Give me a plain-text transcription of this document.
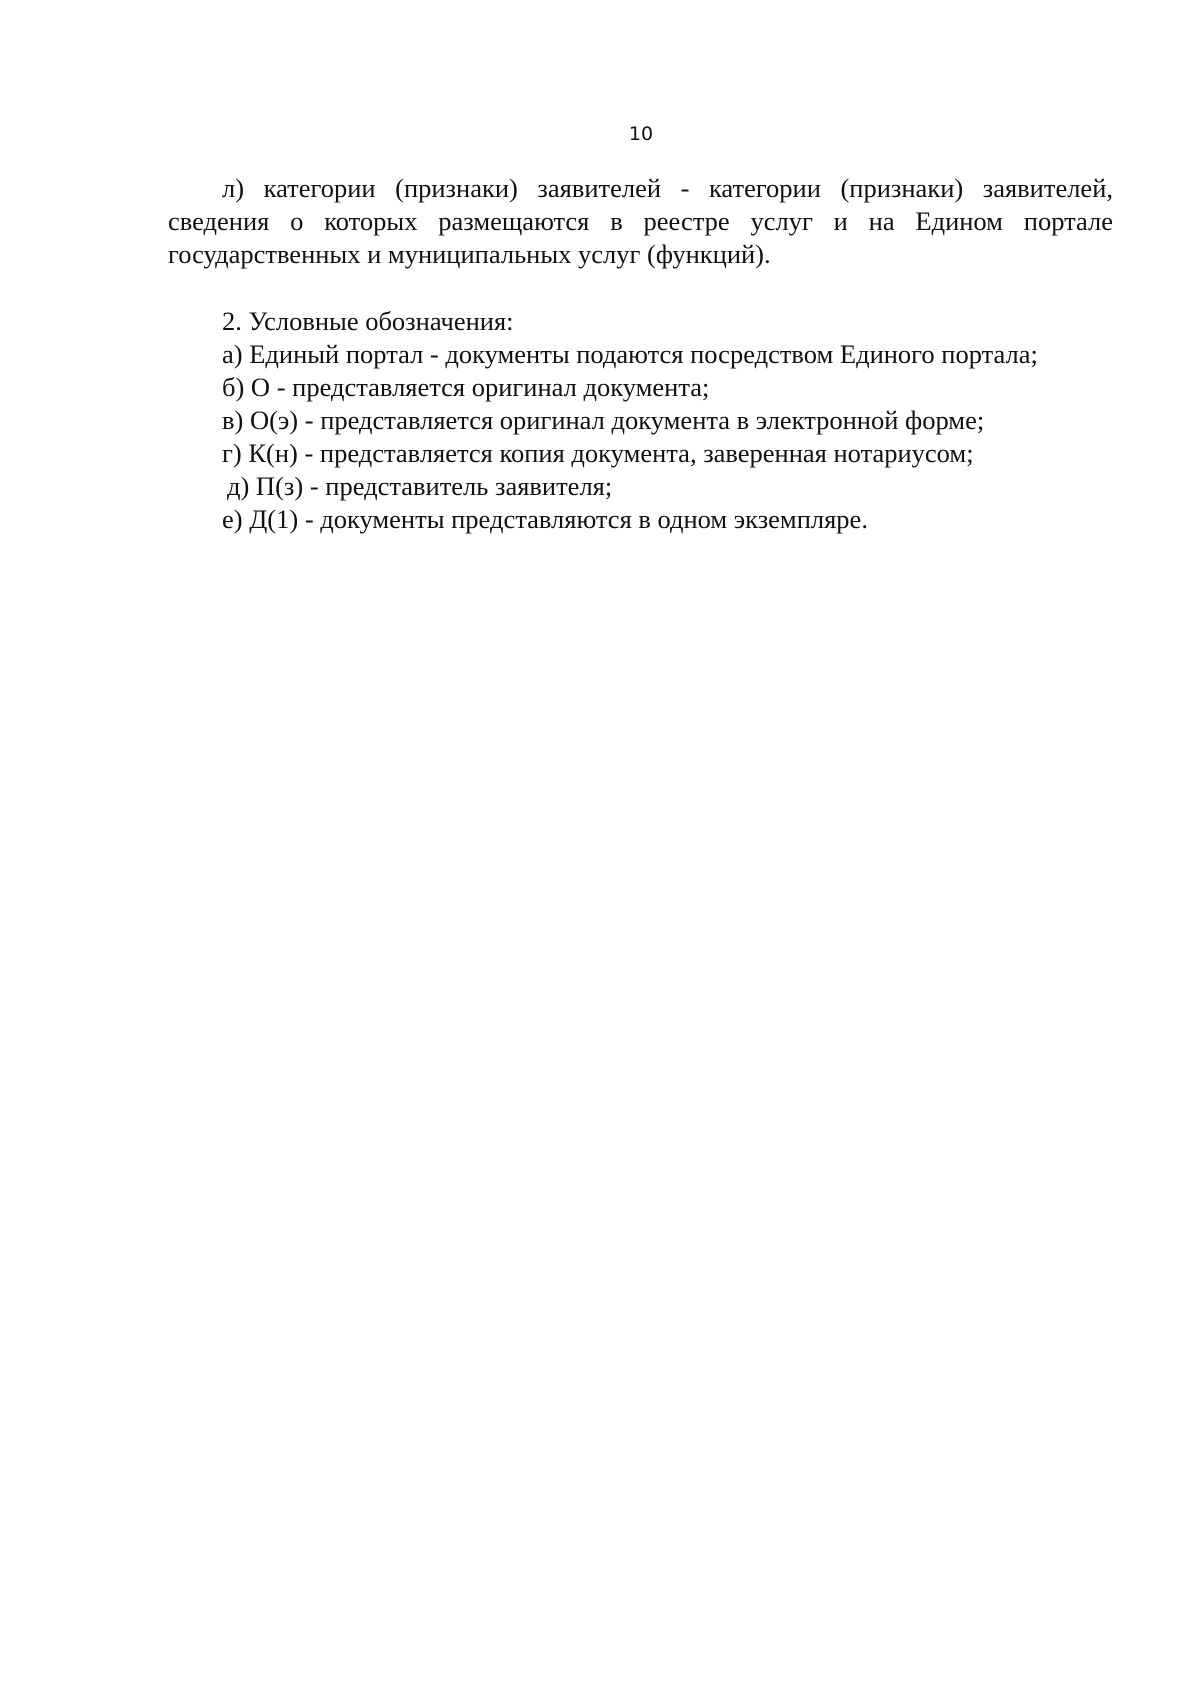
10
л) категории (признаки) заявителей - категории (признаки) заявителей,
сведения о которых размещаются в реестре услуг и на Едином портале
государственных и муниципальных услуг (функций).
2. Условные обозначения:
а) Единый портал - документы подаются посредством Единого портала;
б) О - представляется оригинал документа;
в) О(э) - представляется оригинал документа в электронной форме;
г) К(н) - представляется копия документа, заверенная нотариусом;
д) П(з) - представитель заявителя;
е) Д(1) - документы представляются в одном экземпляре.
